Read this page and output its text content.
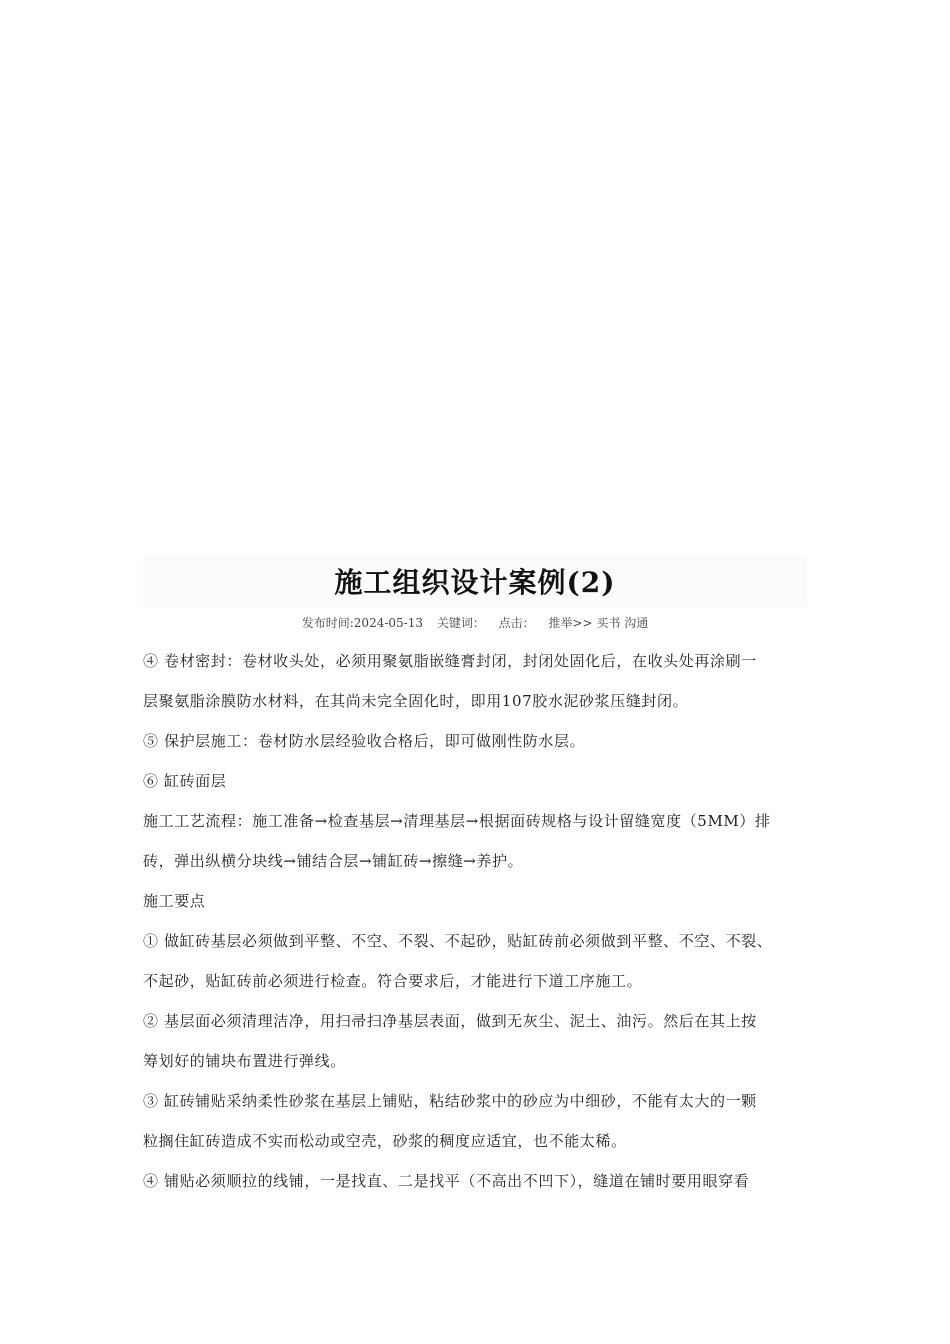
施工组织设计案例(2)
发布时间:2024-05-13 关键词： 点击： 推举>> 买书 沟通

④ 卷材密封：卷材收头处，必须用聚氨脂嵌缝膏封闭，封闭处固化后，在收头处再涂刷一

层聚氨脂涂膜防水材料，在其尚未完全固化时，即用107胶水泥砂浆压缝封闭。

⑤ 保护层施工：卷材防水层经验收合格后，即可做刚性防水层。

⑥ 缸砖面层

施工工艺流程：施工准备→检查基层→清理基层→根据面砖规格与设计留缝宽度（5MM）排

砖，弹出纵横分块线→铺结合层→铺缸砖→擦缝→养护。

施工要点

① 做缸砖基层必须做到平整、不空、不裂、不起砂，贴缸砖前必须做到平整、不空、不裂、

不起砂，贴缸砖前必须进行检查。符合要求后，才能进行下道工序施工。

② 基层面必须清理洁净，用扫帚扫净基层表面，做到无灰尘、泥土、油污。然后在其上按

筹划好的铺块布置进行弹线。

③ 缸砖铺贴采纳柔性砂浆在基层上铺贴，粘结砂浆中的砂应为中细砂，不能有太大的一颗

粒搁住缸砖造成不实而松动或空壳，砂浆的稠度应适宜，也不能太稀。

④ 铺贴必须顺拉的线铺，一是找直、二是找平（不高出不凹下），缝道在铺时要用眼穿看
